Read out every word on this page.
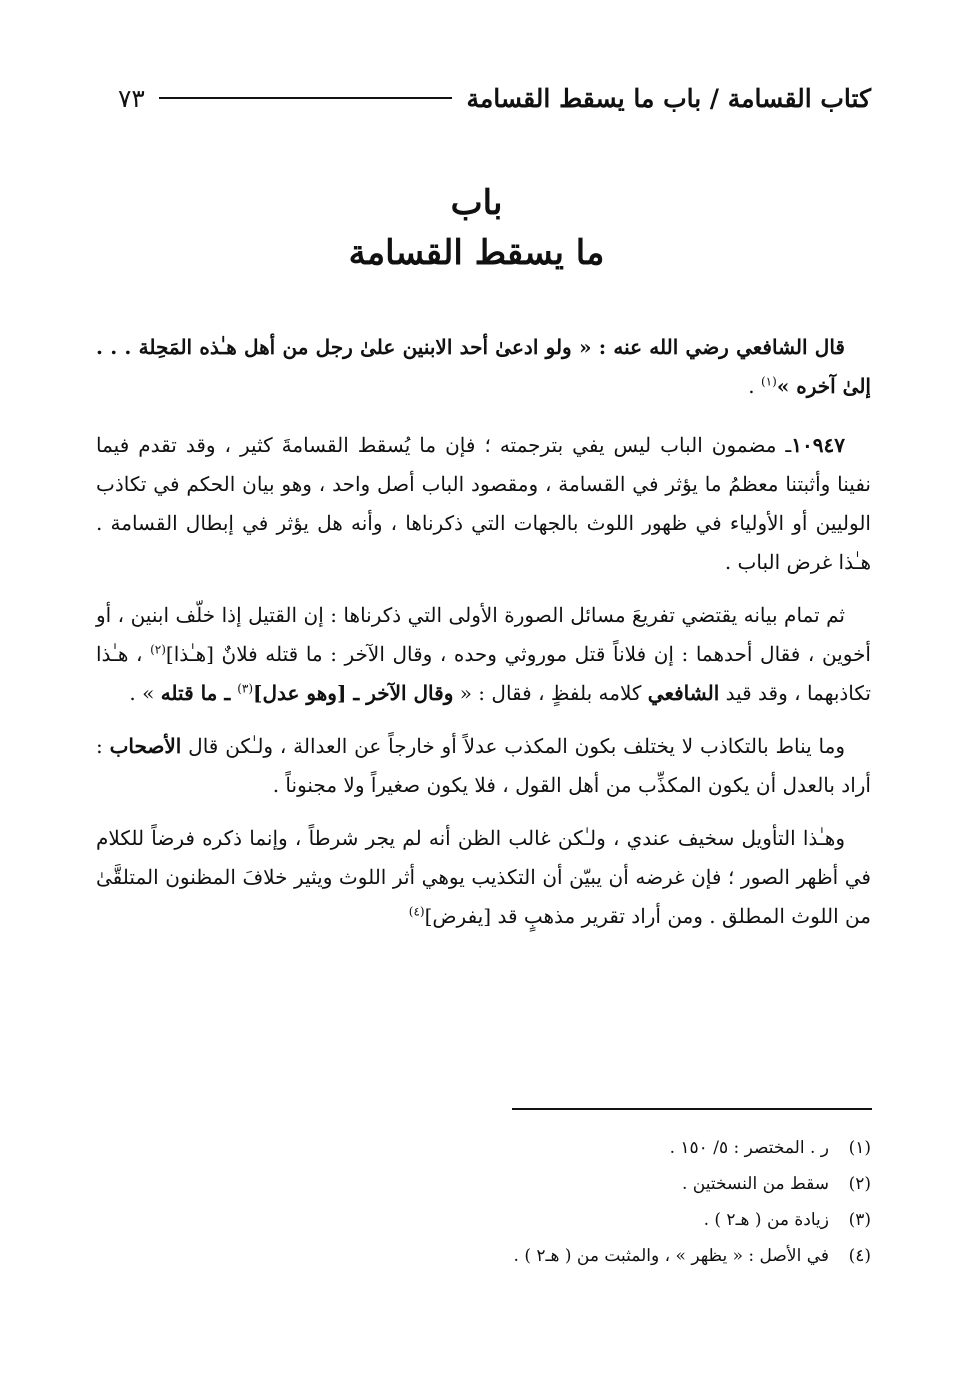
كتاب القسامة / باب ما يسقط القسامة
٧٣
باب
ما يسقط القسامة

قال الشافعي رضي الله عنه : « ولو ادعىٰ أحد الابنين علىٰ رجل من أهل هـٰذه المَحِلة . . . إلىٰ آخره »$^{(١)}$ .

١٠٩٤٧ـ مضمون الباب ليس يفي بترجمته ؛ فإن ما يُسقط القسامةَ كثير ، وقد تقدم فيما نفينا وأثبتنا معظمُ ما يؤثر في القسامة ، ومقصود الباب أصل واحد ، وهو بيان الحكم في تكاذب الوليين أو الأولياء في ظهور اللوث بالجهات التي ذكرناها ، وأنه هل يؤثر في إبطال القسامة . هـٰذا غرض الباب .

ثم تمام بيانه يقتضي تفريعَ مسائل الصورة الأولى التي ذكرناها : إن القتيل إذا خلّف ابنين ، أو أخوين ، فقال أحدهما : إن فلاناً قتل موروثي وحده ، وقال الآخر : ما قتله فلانٌ [هـٰذا]$^{(٢)}$ ، هـٰذا تكاذبهما ، وقد قيد الشافعي كلامه بلفظٍ ، فقال : « وقال الآخر ـ [وهو عدل]$^{(٣)}$ ـ ما قتله » .

وما يناط بالتكاذب لا يختلف بكون المكذب عدلاً أو خارجاً عن العدالة ، ولـٰكن قال الأصحاب : أراد بالعدل أن يكون المكذِّب من أهل القول ، فلا يكون صغيراً ولا مجنوناً .

وهـٰذا التأويل سخيف عندي ، ولـٰكن غالب الظن أنه لم يجر شرطاً ، وإنما ذكره فرضاً للكلام في أظهر الصور ؛ فإن غرضه أن يبيّن أن التكذيب يوهي أثر اللوث ويثير خلافَ المظنون المتلقَّىٰ من اللوث المطلق . ومن أراد تقرير مذهبٍ قد [يفرض]$^{(٤)}$

(١)ر . المختصر : ٥/ ١٥٠ .
(٢)سقط من النسختين .
(٣)زيادة من ( هـ٢ ) .
(٤)في الأصل : « يظهر » ، والمثبت من ( هـ٢ ) .
